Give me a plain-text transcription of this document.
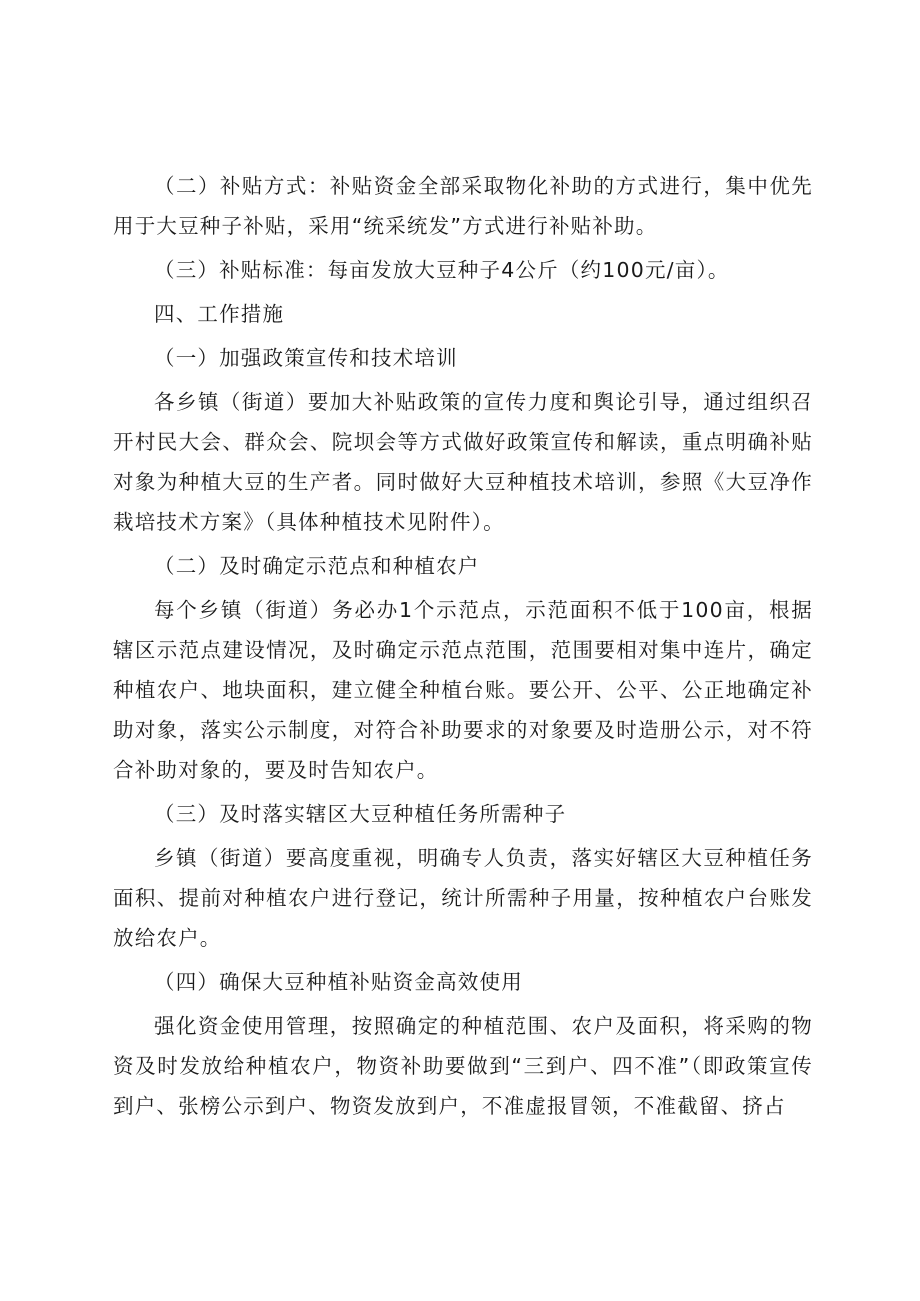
（二）补贴方式：补贴资金全部采取物化补助的方式进行，集中优先用于大豆种子补贴，采用“统采统发”方式进行补贴补助。

（三）补贴标准：每亩发放大豆种子4公斤（约100元/亩）。

四、工作措施

（一）加强政策宣传和技术培训

各乡镇（街道）要加大补贴政策的宣传力度和舆论引导，通过组织召开村民大会、群众会、院坝会等方式做好政策宣传和解读，重点明确补贴对象为种植大豆的生产者。同时做好大豆种植技术培训，参照《大豆净作栽培技术方案》（具体种植技术见附件）。

（二）及时确定示范点和种植农户

每个乡镇（街道）务必办1个示范点，示范面积不低于100亩，根据辖区示范点建设情况，及时确定示范点范围，范围要相对集中连片，确定种植农户、地块面积，建立健全种植台账。要公开、公平、公正地确定补助对象，落实公示制度，对符合补助要求的对象要及时造册公示，对不符合补助对象的，要及时告知农户。

（三）及时落实辖区大豆种植任务所需种子

乡镇（街道）要高度重视，明确专人负责，落实好辖区大豆种植任务面积、提前对种植农户进行登记，统计所需种子用量，按种植农户台账发放给农户。

（四）确保大豆种植补贴资金高效使用

强化资金使用管理，按照确定的种植范围、农户及面积，将采购的物资及时发放给种植农户，物资补助要做到“三到户、四不准”（即政策宣传到户、张榜公示到户、物资发放到户，不准虚报冒领，不准截留、挤占
